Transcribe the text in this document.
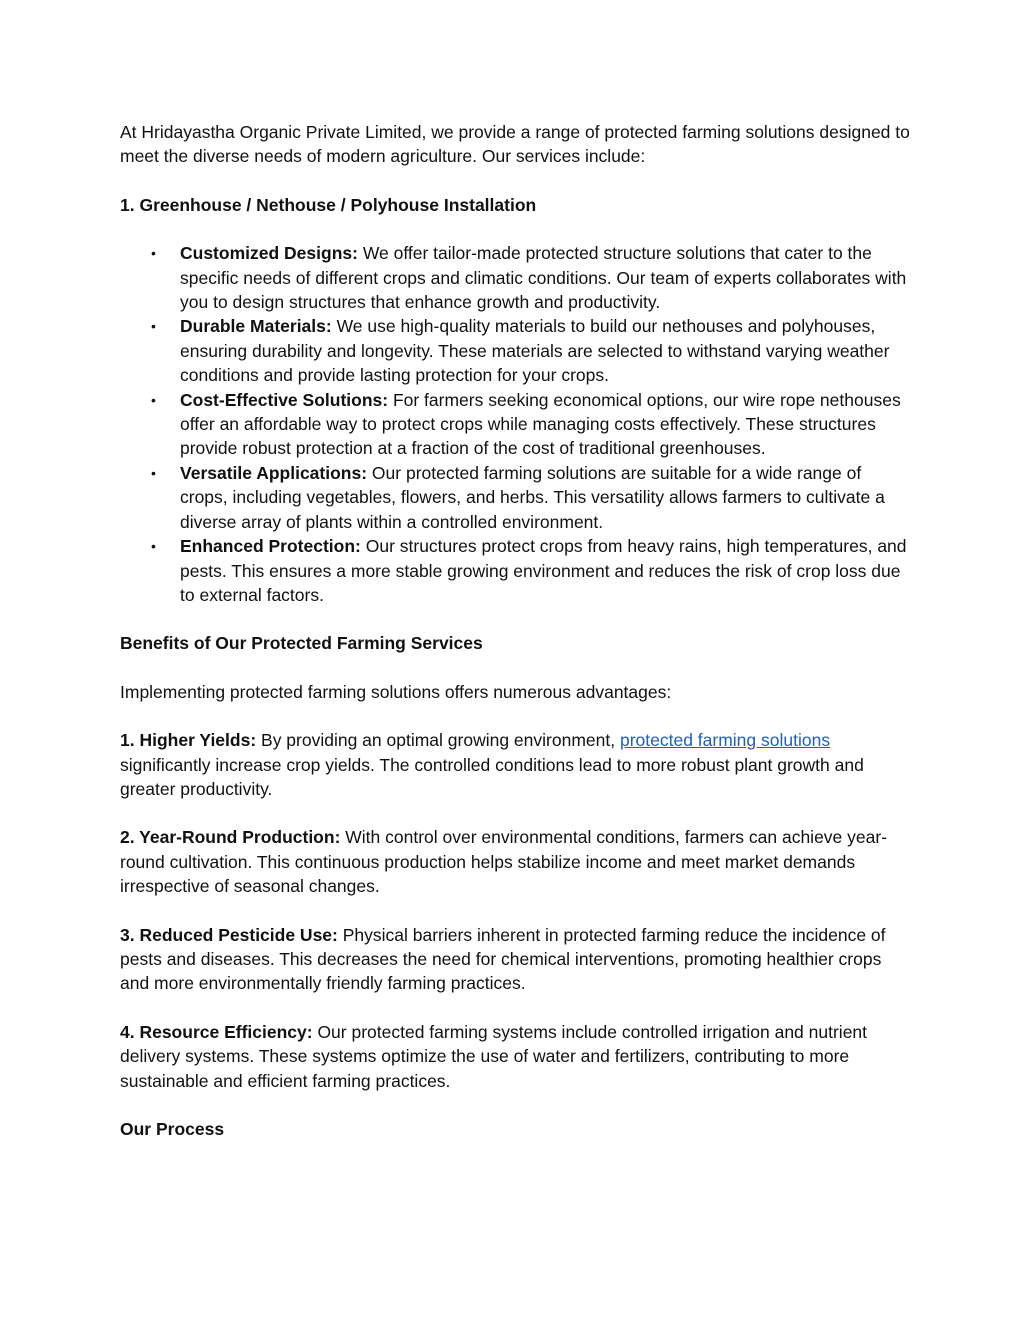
At Hridayastha Organic Private Limited, we provide a range of protected farming solutions designed to meet the diverse needs of modern agriculture. Our services include:

1. Greenhouse / Nethouse / Polyhouse Installation
• Customized Designs: We offer tailor-made protected structure solutions that cater to the specific needs of different crops and climatic conditions. Our team of experts collaborates with you to design structures that enhance growth and productivity.
• Durable Materials: We use high-quality materials to build our nethouses and polyhouses, ensuring durability and longevity. These materials are selected to withstand varying weather conditions and provide lasting protection for your crops.
• Cost-Effective Solutions: For farmers seeking economical options, our wire rope nethouses offer an affordable way to protect crops while managing costs effectively. These structures provide robust protection at a fraction of the cost of traditional greenhouses.
• Versatile Applications: Our protected farming solutions are suitable for a wide range of crops, including vegetables, flowers, and herbs. This versatility allows farmers to cultivate a diverse array of plants within a controlled environment.
• Enhanced Protection: Our structures protect crops from heavy rains, high temperatures, and pests. This ensures a more stable growing environment and reduces the risk of crop loss due to external factors.
Benefits of Our Protected Farming Services

Implementing protected farming solutions offers numerous advantages:

1. Higher Yields: By providing an optimal growing environment, protected farming solutions significantly increase crop yields. The controlled conditions lead to more robust plant growth and greater productivity.

2. Year-Round Production: With control over environmental conditions, farmers can achieve year-round cultivation. This continuous production helps stabilize income and meet market demands irrespective of seasonal changes.

3. Reduced Pesticide Use: Physical barriers inherent in protected farming reduce the incidence of pests and diseases. This decreases the need for chemical interventions, promoting healthier crops and more environmentally friendly farming practices.

4. Resource Efficiency: Our protected farming systems include controlled irrigation and nutrient delivery systems. These systems optimize the use of water and fertilizers, contributing to more sustainable and efficient farming practices.

Our Process
